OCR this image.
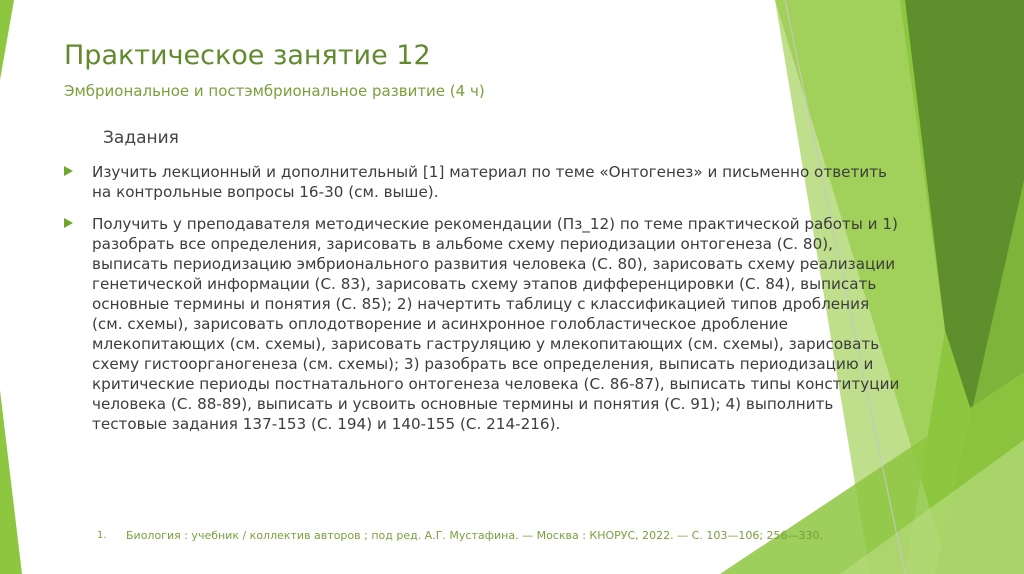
Практическое занятие 12
Эмбриональное и постэмбриональное развитие (4 ч)
Задания
Изучить лекционный и дополнительный [1] материал по теме «Онтогенез» и письменно ответить на контрольные вопросы 16-30 (см. выше).
Получить у преподавателя методические рекомендации (Пз_12) по теме практической работы и 1) разобрать все определения, зарисовать в альбоме схему периодизации онтогенеза (С. 80), выписать периодизацию эмбрионального развития человека (С. 80), зарисовать схему реализации генетической информации (С. 83), зарисовать схему этапов дифференцировки (С. 84), выписать основные термины и понятия (С. 85); 2) начертить таблицу с классификацией типов дробления (см. схемы), зарисовать оплодотворение и асинхронное голобластическое дробление млекопитающих (см. схемы), зарисовать гаструляцию у млекопитающих (см. схемы), зарисовать схему гистоорганогенеза (см. схемы); 3) разобрать все определения, выписать периодизацию и критические периоды постнатального онтогенеза человека (С. 86-87), выписать типы конституции человека (С. 88-89), выписать и усвоить основные термины и понятия (С. 91); 4) выполнить тестовые задания 137-153 (С. 194) и 140-155 (С. 214-216).
1. Биология : учебник / коллектив авторов ; под ред. А.Г. Мустафина. — Москва : КНОРУС, 2022. — С. 103—106; 256—330.
